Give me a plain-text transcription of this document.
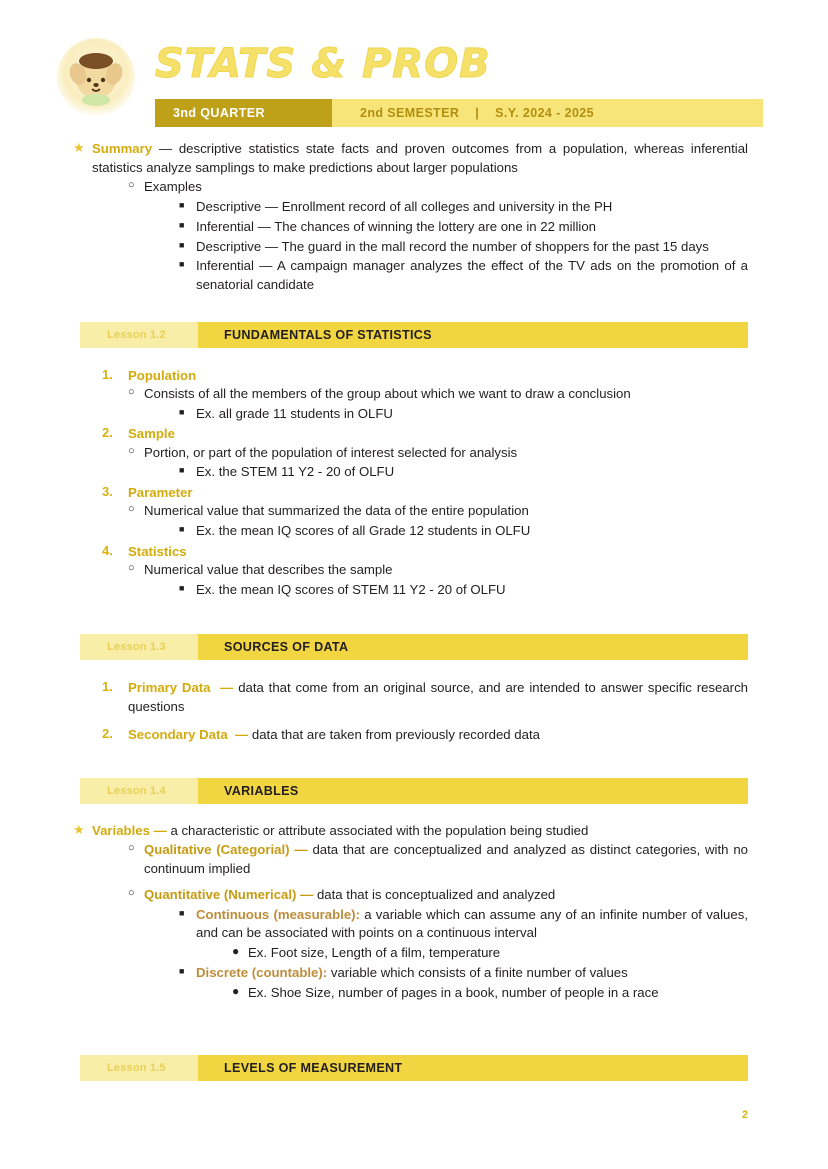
STATS & PROB
3nd QUARTER	2nd SEMESTER	|	S.Y. 2024 - 2025
★ Summary — descriptive statistics state facts and proven outcomes from a population, whereas inferential statistics analyze samplings to make predictions about larger populations
○ Examples
■ Descriptive — Enrollment record of all colleges and university in the PH
■ Inferential — The chances of winning the lottery are one in 22 million
■ Descriptive — The guard in the mall record the number of shoppers for the past 15 days
■ Inferential — A campaign manager analyzes the effect of the TV ads on the promotion of a senatorial candidate
Lesson 1.2	FUNDAMENTALS OF STATISTICS
1.	Population
○ Consists of all the members of the group about which we want to draw a conclusion
■ Ex. all grade 11 students in OLFU
2.	Sample
○ Portion, or part of the population of interest selected for analysis
■ Ex. the STEM 11 Y2 - 20 of OLFU
3.	Parameter
○ Numerical value that summarized the data of the entire population
■ Ex. the mean IQ scores of all Grade 12 students in OLFU
4.	Statistics
○ Numerical value that describes the sample
■ Ex. the mean IQ scores of STEM 11 Y2 - 20 of OLFU
Lesson 1.3	SOURCES OF DATA
1.	Primary Data — data that come from an original source, and are intended to answer specific research questions
2.	Secondary Data — data that are taken from previously recorded data
Lesson 1.4	VARIABLES
★ Variables — a characteristic or attribute associated with the population being studied
○ Qualitative (Categorial) — data that are conceptualized and analyzed as distinct categories, with no continuum implied
○ Quantitative (Numerical) — data that is conceptualized and analyzed
■ Continuous (measurable): a variable which can assume any of an infinite number of values, and can be associated with points on a continuous interval
● Ex. Foot size, Length of a film, temperature
■ Discrete (countable): variable which consists of a finite number of values
● Ex. Shoe Size, number of pages in a book, number of people in a race
Lesson 1.5	LEVELS OF MEASUREMENT
2
